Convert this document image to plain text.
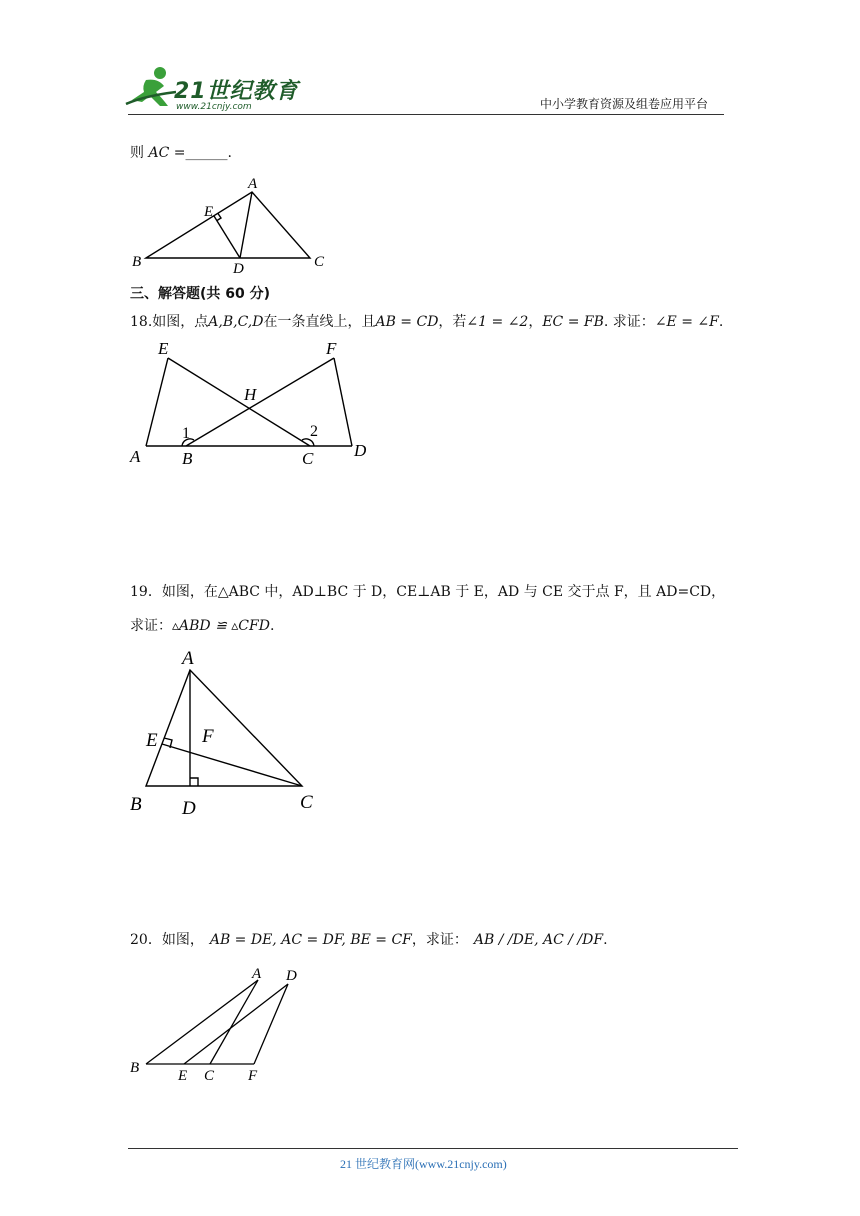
21世纪教育
www.21cnjy.com	中小学教育资源及组卷应用平台
则 AC =______.
A
E
B	D	C
三、解答题(共 60 分)
18.如图，点A,B,C,D在一条直线上，且AB = CD，若∠1 = ∠2，EC = FB. 求证：∠E = ∠F.
E	F
H
1	2
A B	C D
19．如图，在△ABC 中，AD⊥BC 于 D，CE⊥AB 于 E，AD 与 CE 交于点 F，且 AD=CD，
求证：▵ABD ≌ ▵CFD.
A
E F
B D	C
20．如图， AB = DE, AC = DF, BE = CF，求证： AB / /DE, AC / /DF.
A D
B	E C F
21 世纪教育网(www.21cnjy.com)
